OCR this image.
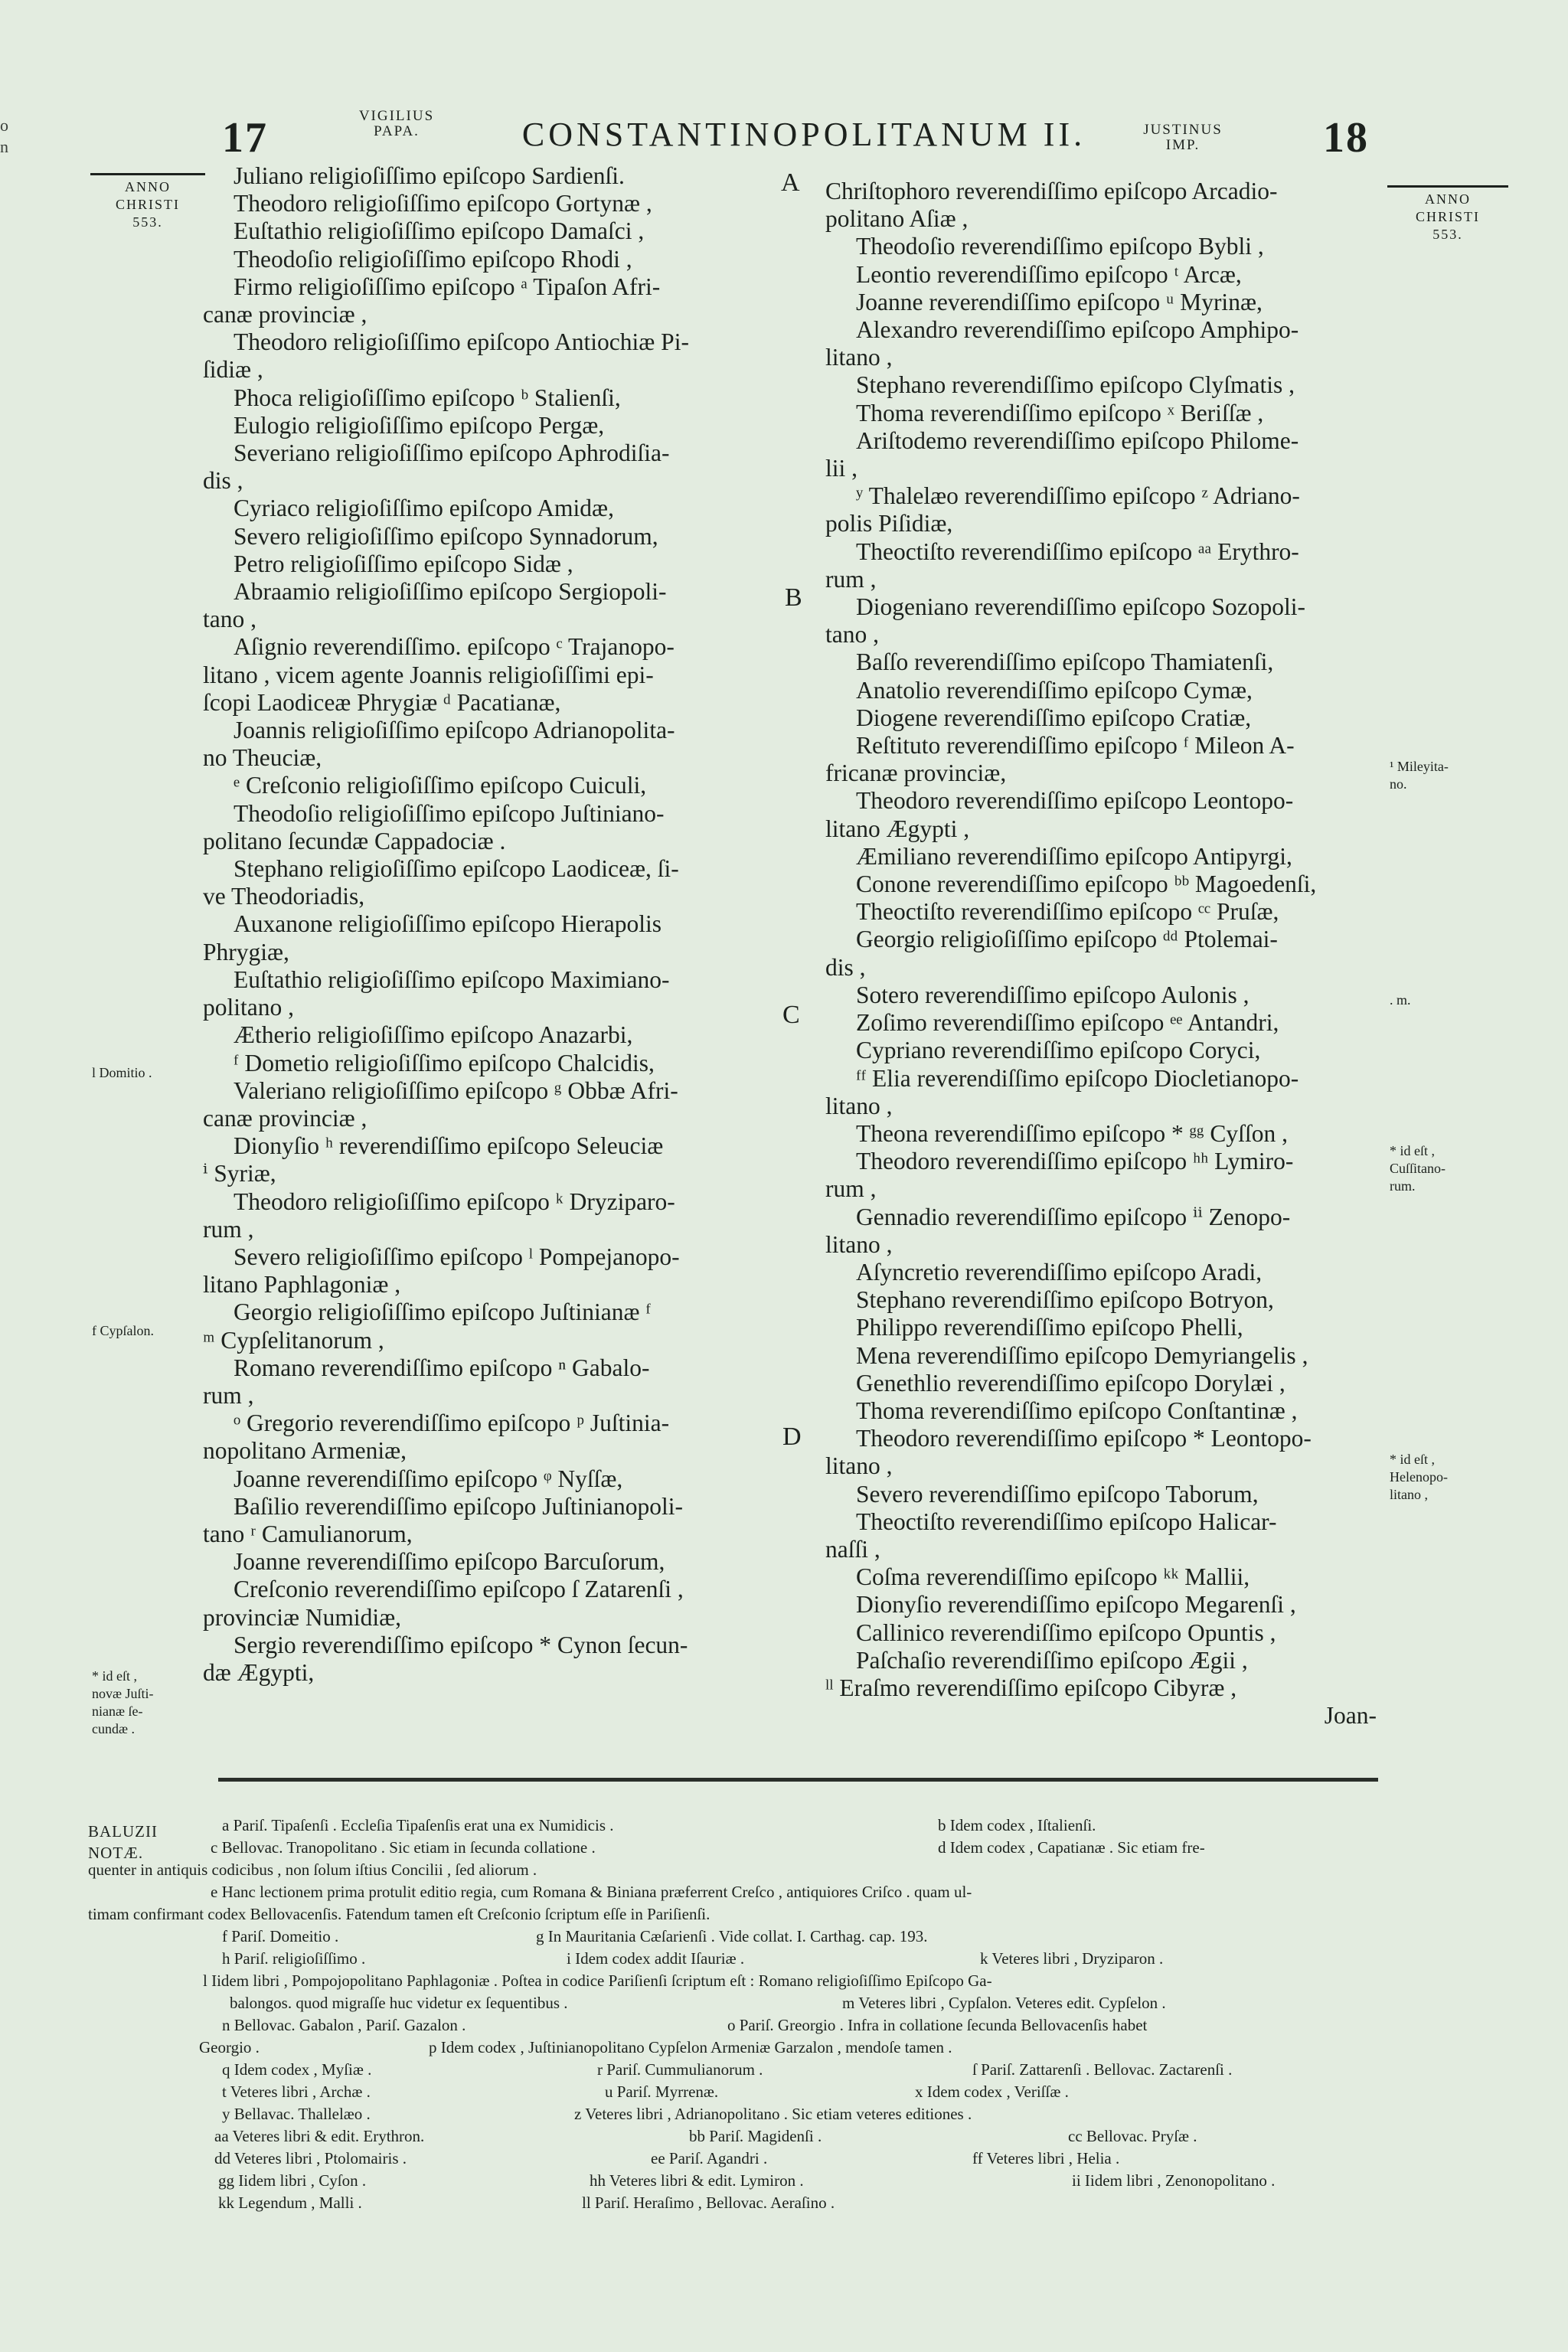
o
n	17	VIGILIUS
PAPA.	CONSTANTINOPOLITANUM II.	JUSTINUS
IMP.	18
ANNO
CHRISTI
553.
ANNO
CHRISTI
553.
l Domitio .
f Cypſalon.
* id eſt ,
novæ Juſti-
nianæ ſe-
cundæ .
¹ Mileyita-
no.
. m.
* id eſt ,
Cuſſitano-
rum.
* id eſt ,
Helenopo-
litano ,
A
B
C
D
Juliano religioſiſſimo epiſcopo Sardienſi.
Theodoro religioſiſſimo epiſcopo Gortynæ ,
Euſtathio religioſiſſimo epiſcopo Damaſci ,
Theodoſio religioſiſſimo epiſcopo Rhodi ,
Firmo religioſiſſimo epiſcopo ᵃ Tipaſon Afri-
canæ provinciæ ,
Theodoro religioſiſſimo epiſcopo Antiochiæ Pi-
ſidiæ ,
Phoca religioſiſſimo epiſcopo ᵇ Stalienſi,
Eulogio religioſiſſimo epiſcopo Pergæ,
Severiano religioſiſſimo epiſcopo Aphrodiſia-
dis ,
Cyriaco religioſiſſimo epiſcopo Amidæ,
Severo religioſiſſimo epiſcopo Synnadorum,
Petro religioſiſſimo epiſcopo Sidæ ,
Abraamio religioſiſſimo epiſcopo Sergiopoli-
tano ,
Aſignio reverendiſſimo. epiſcopo ᶜ Trajanopo-
litano , vicem agente Joannis religioſiſſimi epi-
ſcopi Laodiceæ Phrygiæ ᵈ Pacatianæ,
Joannis religioſiſſimo epiſcopo Adrianopolita-
no Theuciæ,
ᵉ Creſconio religioſiſſimo epiſcopo Cuiculi,
Theodoſio religioſiſſimo epiſcopo Juſtiniano-
politano ſecundæ Cappadociæ .
Stephano religioſiſſimo epiſcopo Laodiceæ, ſi-
ve Theodoriadis,
Auxanone religioſiſſimo epiſcopo Hierapolis
Phrygiæ,
Euſtathio religioſiſſimo epiſcopo Maximiano-
politano ,
Ætherio religioſiſſimo epiſcopo Anazarbi,
ᶠ Dometio religioſiſſimo epiſcopo Chalcidis,
Valeriano religioſiſſimo epiſcopo ᵍ Obbæ Afri-
canæ provinciæ ,
Dionyſio ʰ reverendiſſimo epiſcopo Seleuciæ
ⁱ Syriæ,
Theodoro religioſiſſimo epiſcopo ᵏ Dryziparo-
rum ,
Severo religioſiſſimo epiſcopo ˡ Pompejanopo-
litano Paphlagoniæ ,
Georgio religioſiſſimo epiſcopo Juſtinianæ ᶠ
ᵐ Cypſelitanorum ,
Romano reverendiſſimo epiſcopo ⁿ Gabalo-
rum ,
ᵒ Gregorio reverendiſſimo epiſcopo ᵖ Juſtinia-
nopolitano Armeniæ,
Joanne reverendiſſimo epiſcopo ᵠ Nyſſæ,
Baſilio reverendiſſimo epiſcopo Juſtinianopoli-
tano ʳ Camulianorum,
Joanne reverendiſſimo epiſcopo Barcuſorum,
Creſconio reverendiſſimo epiſcopo ſ Zatarenſi ,
provinciæ Numidiæ,
Sergio reverendiſſimo epiſcopo * Cynon ſecun-
dæ Ægypti,
Chriſtophoro reverendiſſimo epiſcopo Arcadio-
politano Aſiæ ,
Theodoſio reverendiſſimo epiſcopo Bybli ,
Leontio reverendiſſimo epiſcopo ᵗ Arcæ,
Joanne reverendiſſimo epiſcopo ᵘ Myrinæ,
Alexandro reverendiſſimo epiſcopo Amphipo-
litano ,
Stephano reverendiſſimo epiſcopo Clyſmatis ,
Thoma reverendiſſimo epiſcopo ˣ Beriſſæ ,
Ariſtodemo reverendiſſimo epiſcopo Philome-
lii ,
ʸ Thalelæo reverendiſſimo epiſcopo ᶻ Adriano-
polis Piſidiæ,
Theoctiſto reverendiſſimo epiſcopo ᵃᵃ Erythro-
rum ,
Diogeniano reverendiſſimo epiſcopo Sozopoli-
tano ,
Baſſo reverendiſſimo epiſcopo Thamiatenſi,
Anatolio reverendiſſimo epiſcopo Cymæ,
Diogene reverendiſſimo epiſcopo Cratiæ,
Reſtituto reverendiſſimo epiſcopo ᶠ Mileon A-
fricanæ provinciæ,
Theodoro reverendiſſimo epiſcopo Leontopo-
litano Ægypti ,
Æmiliano reverendiſſimo epiſcopo Antipyrgi,
Conone reverendiſſimo epiſcopo ᵇᵇ Magoedenſi,
Theoctiſto reverendiſſimo epiſcopo ᶜᶜ Pruſæ,
Georgio religioſiſſimo epiſcopo ᵈᵈ Ptolemai-
dis ,
Sotero reverendiſſimo epiſcopo Aulonis ,
Zoſimo reverendiſſimo epiſcopo ᵉᵉ Antandri,
Cypriano reverendiſſimo epiſcopo Coryci,
ᶠᶠ Elia reverendiſſimo epiſcopo Diocletianopo-
litano ,
Theona reverendiſſimo epiſcopo * ᵍᵍ Cyſſon ,
Theodoro reverendiſſimo epiſcopo ʰʰ Lymiro-
rum ,
Gennadio reverendiſſimo epiſcopo ⁱⁱ Zenopo-
litano ,
Aſyncretio reverendiſſimo epiſcopo Aradi,
Stephano reverendiſſimo epiſcopo Botryon,
Philippo reverendiſſimo epiſcopo Phelli,
Mena reverendiſſimo epiſcopo Demyriangelis ,
Genethlio reverendiſſimo epiſcopo Dorylæi ,
Thoma reverendiſſimo epiſcopo Conſtantinæ ,
Theodoro reverendiſſimo epiſcopo * Leontopo-
litano ,
Severo reverendiſſimo epiſcopo Taborum,
Theoctiſto reverendiſſimo epiſcopo Halicar-
naſſi ,
Coſma reverendiſſimo epiſcopo ᵏᵏ Mallii,
Dionyſio reverendiſſimo epiſcopo Megarenſi ,
Callinico reverendiſſimo epiſcopo Opuntis ,
Paſchaſio reverendiſſimo epiſcopo Ægii ,
ˡˡ Eraſmo reverendiſſimo epiſcopo Cibyræ ,
Joan-
BALUZII
NOTÆ.
a Pariſ. Tipaſenſi . Eccleſia Tipaſenſis erat una ex Numidicis .	b Idem codex , Iſtalienſi.
c Bellovac. Tranopolitano . Sic etiam in ſecunda collatione .	d Idem codex , Capatianæ . Sic etiam fre-
quenter in antiquis codicibus , non ſolum iſtius Concilii , ſed aliorum .
e Hanc lectionem prima protulit editio regia, cum Romana & Biniana præferrent Creſco , antiquiores Criſco . quam ul-
timam confirmant codex Bellovacenſis. Fatendum tamen eſt Creſconio ſcriptum eſſe in Pariſienſi.
f Pariſ. Domeitio .	g In Mauritania Cæſarienſi . Vide collat. I. Carthag. cap. 193.
h Pariſ. religioſiſſimo .	i Idem codex addit Iſauriæ .	k Veteres libri , Dryziparon .
l Iidem libri , Pompojopolitano Paphlagoniæ . Poſtea in codice Pariſienſi ſcriptum eſt : Romano religioſiſſimo Epiſcopo Ga-
balongos. quod migraſſe huc videtur ex ſequentibus .	m Veteres libri , Cypſalon. Veteres edit. Cypſelon .
n Bellovac. Gabalon , Pariſ. Gazalon .	o Pariſ. Greorgio . Infra in collatione ſecunda Bellovacenſis habet
Georgio .	p Idem codex , Juſtinianopolitano Cypſelon Armeniæ Garzalon , mendoſe tamen .
q Idem codex , Myſiæ .	r Pariſ. Cummulianorum .	ſ Pariſ. Zattarenſi . Bellovac. Zactarenſi .
t Veteres libri , Archæ .	u Pariſ. Myrrenæ.	x Idem codex , Veriſſæ .
y Bellavac. Thallelæo .	z Veteres libri , Adrianopolitano . Sic etiam veteres editiones .
aa Veteres libri & edit. Erythron.	bb Pariſ. Magidenſi .	cc Bellovac. Pryſæ .
dd Veteres libri , Ptolomairis .	ee Pariſ. Agandri .	ff Veteres libri , Helia .
gg Iidem libri , Cyſon .	hh Veteres libri & edit. Lymiron .	ii Iidem libri , Zenonopolitano .
kk Legendum , Malli .	ll Pariſ. Heraſimo , Bellovac. Aeraſino .
